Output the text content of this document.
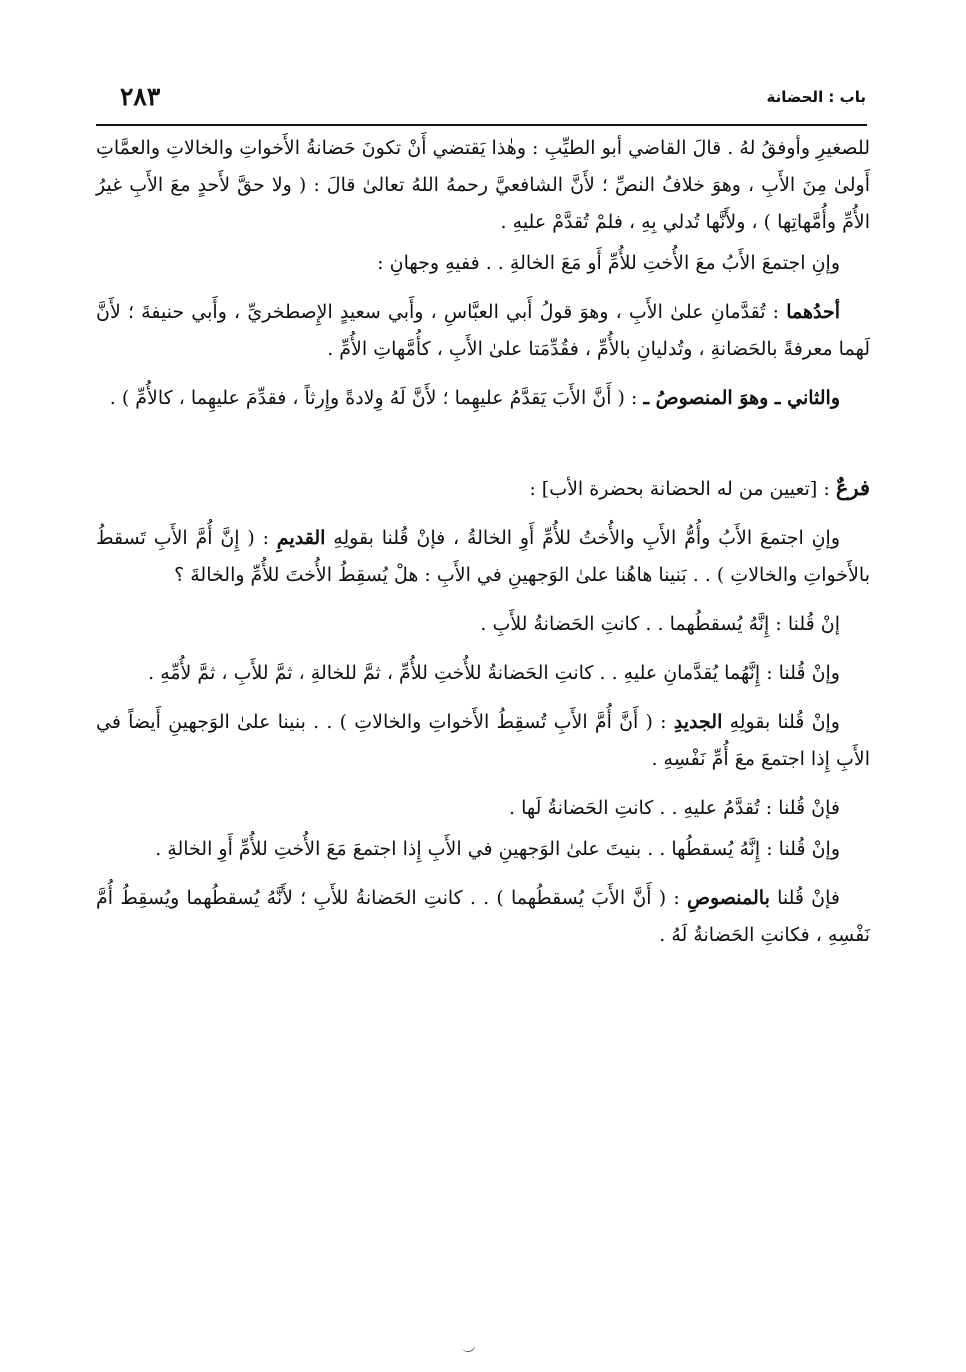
باب : الحضانة
٢٨٣

للصغيرِ وأوفقُ لهُ . قالَ القاضي أبو الطيِّبِ : وهٰذا يَقتضي أَنْ تكونَ حَضانةُ الأَخواتِ والخالاتِ والعمَّاتِ أَولىٰ مِنَ الأَبِ ، وهوَ خلافُ النصِّ ؛ لأَنَّ الشافعيَّ رحمهُ اللهُ تعالىٰ قالَ : ( ولا حقَّ لأَحدٍ معَ الأَبِ غيرُ الأُمِّ وأُمَّهاتِها ) ، ولأَنَّها تُدلي بِهِ ، فلمْ تُقدَّمْ عليهِ .

وإنِ اجتمعَ الأَبُ معَ الأُختِ للأُمِّ أَو مَعَ الخالةِ . . ففيهِ وجهانِ :

أحدُهما : تُقدَّمانِ علىٰ الأَبِ ، وهوَ قولُ أَبي العبَّاسِ ، وأَبي سعيدٍ الإِصطخريِّ ، وأَبي حنيفةَ ؛ لأَنَّ لَهما معرفةً بالحَضانةِ ، وتُدليانِ بالأُمِّ ، فقُدِّمَتا علىٰ الأَبِ ، كأُمَّهاتِ الأُمِّ .

والثاني ـ وهوَ المنصوصُ ـ : ( أَنَّ الأَبَ يَقدَّمُ عليهِما ؛ لأَنَّ لَهُ وِلادةً وإِرثاً ، فقدِّمَ عليهِما ، كالأُمِّ ) .

فرعٌ : [تعيين من له الحضانة بحضرة الأب] :

وإنِ اجتمعَ الأَبُ وأُمُّ الأَبِ والأُختُ للأُمِّ أَوِ الخالةُ ، فإنْ قُلنا بقولِهِ القديمِ : ( إِنَّ أُمَّ الأَبِ تَسقطُ بالأَخواتِ والخالاتِ ) . . بَنينا هاهُنا علىٰ الوَجهينِ في الأَبِ : هلْ يُسقِطُ الأُختَ للأُمِّ والخالةَ ؟

إنْ قُلنا : إِنَّهُ يُسقطُهما . . كانتِ الحَضانةُ للأَبِ .

وإنْ قُلنا : إِنَّهُما يُقدَّمانِ عليهِ . . كانتِ الحَضانةُ للأُختِ للأُمِّ ، ثمَّ للخالةِ ، ثمَّ للأَبِ ، ثمَّ لأُمِّهِ .

وإنْ قُلنا بقولِهِ الجديدِ : ( أَنَّ أُمَّ الأَبِ تُسقِطُ الأَخواتِ والخالاتِ ) . . بنينا علىٰ الوَجهينِ أَيضاً في الأَبِ إِذا اجتمعَ معَ أُمِّ نَفْسِهِ .

فإنْ قُلنا : تُقدَّمُ عليهِ . . كانتِ الحَضانةُ لَها .

وإنْ قُلنا : إِنَّهُ يُسقطُها . . بنيتَ علىٰ الوَجهينِ في الأَبِ إِذا اجتمعَ مَعَ الأُختِ للأُمِّ أَوِ الخالةِ .

فإنْ قُلنا بالمنصوصِ : ( أَنَّ الأَبَ يُسقطُهما ) . . كانتِ الحَضانةُ للأَبِ ؛ لأَنَّهُ يُسقطُهما ويُسقِطُ أُمَّ نَفْسِهِ ، فكانتِ الحَضانةُ لَهُ .
